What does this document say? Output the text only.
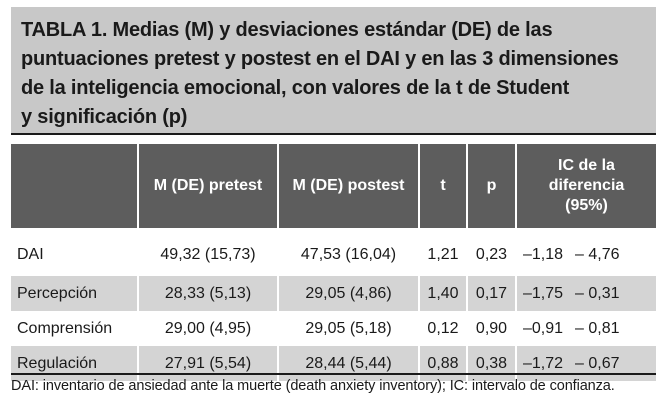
TABLA 1. Medias (M) y desviaciones estándar (DE) de las
puntuaciones pretest y postest en el DAI y en las 3 dimensiones
de la inteligencia emocional, con valores de la t de Student
y significación (p)
	M (DE) pretest	M (DE) postest	t	p	IC de la
diferencia
(95%)

DAI	49,32 (15,73)	47,53 (16,04)	1,21	0,23	–1,18 – 4,76
Percepción	28,33 (5,13)	29,05 (4,86)	1,40	0,17	–1,75 – 0,31
Comprensión	29,00 (4,95)	29,05 (5,18)	0,12	0,90	–0,91 – 0,81
Regulación	27,91 (5,54)	28,44 (5,44)	0,88	0,38	–1,72 – 0,67
DAI: inventario de ansiedad ante la muerte (death anxiety inventory); IC: intervalo de confianza.
